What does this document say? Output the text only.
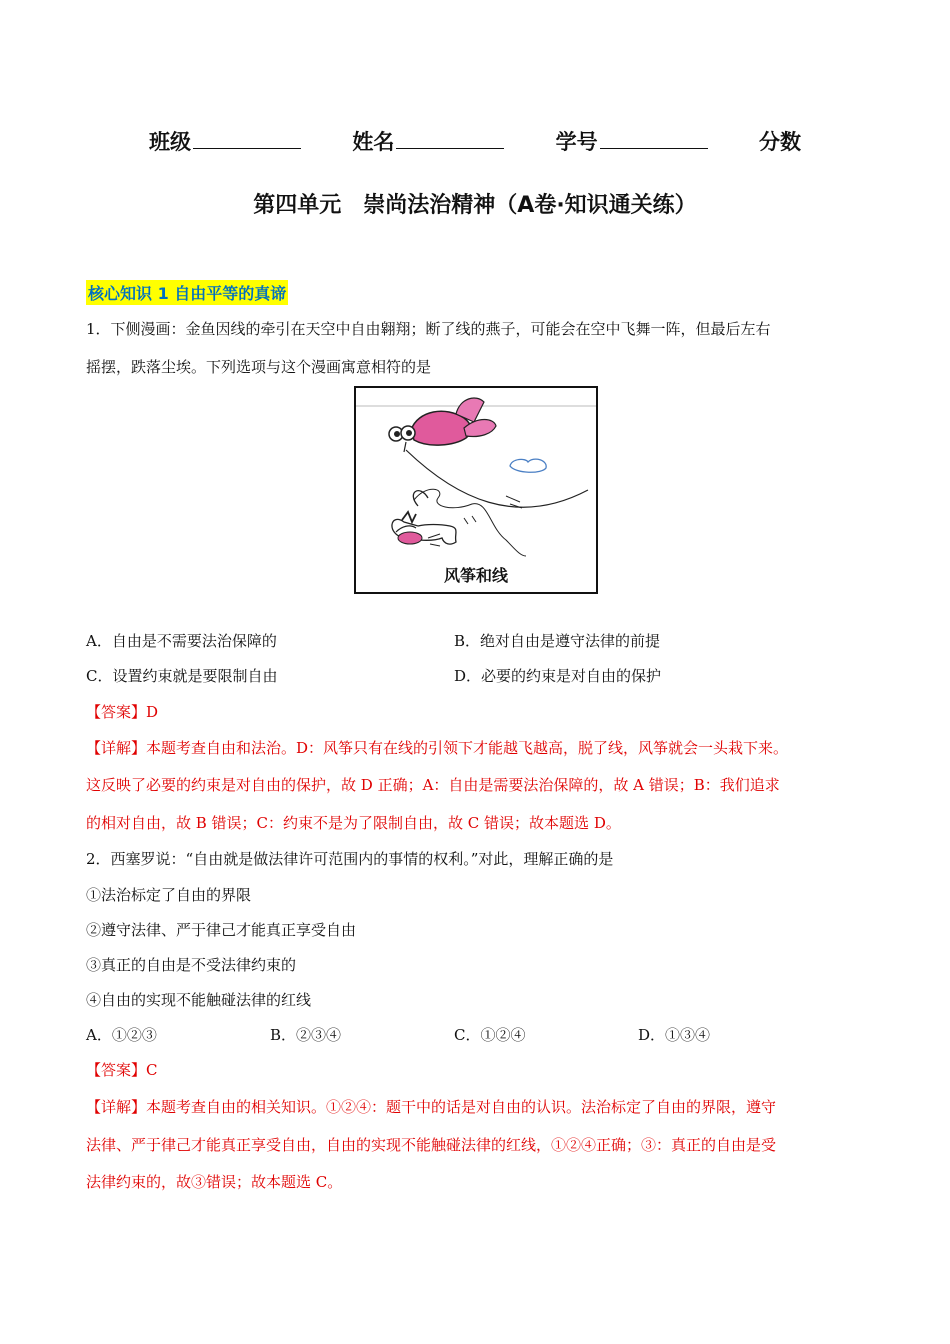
班级	姓名	学号	分数
第四单元　崇尚法治精神（A卷·知识通关练）
核心知识 1 自由平等的真谛
1．下侧漫画：金鱼因线的牵引在天空中自由翱翔；断了线的燕子，可能会在空中飞舞一阵，但最后左右
摇摆，跌落尘埃。下列选项与这个漫画寓意相符的是
风筝和线
A．自由是不需要法治保障的	B．绝对自由是遵守法律的前提
C．设置约束就是要限制自由	D．必要的约束是对自由的保护
【答案】D
【详解】本题考查自由和法治。D：风筝只有在线的引领下才能越飞越高，脱了线，风筝就会一头栽下来。
这反映了必要的约束是对自由的保护，故 D 正确；A：自由是需要法治保障的，故 A 错误；B：我们追求
的相对自由，故 B 错误；C：约束不是为了限制自由，故 C 错误；故本题选 D。
2．西塞罗说：“自由就是做法律许可范围内的事情的权利。”对此，理解正确的是
①法治标定了自由的界限
②遵守法律、严于律己才能真正享受自由
③真正的自由是不受法律约束的
④自由的实现不能触碰法律的红线
A．①②③	B．②③④	C．①②④	D．①③④
【答案】C
【详解】本题考查自由的相关知识。①②④：题干中的话是对自由的认识。法治标定了自由的界限，遵守
法律、严于律己才能真正享受自由，自由的实现不能触碰法律的红线，①②④正确；③：真正的自由是受
法律约束的，故③错误；故本题选 C。
